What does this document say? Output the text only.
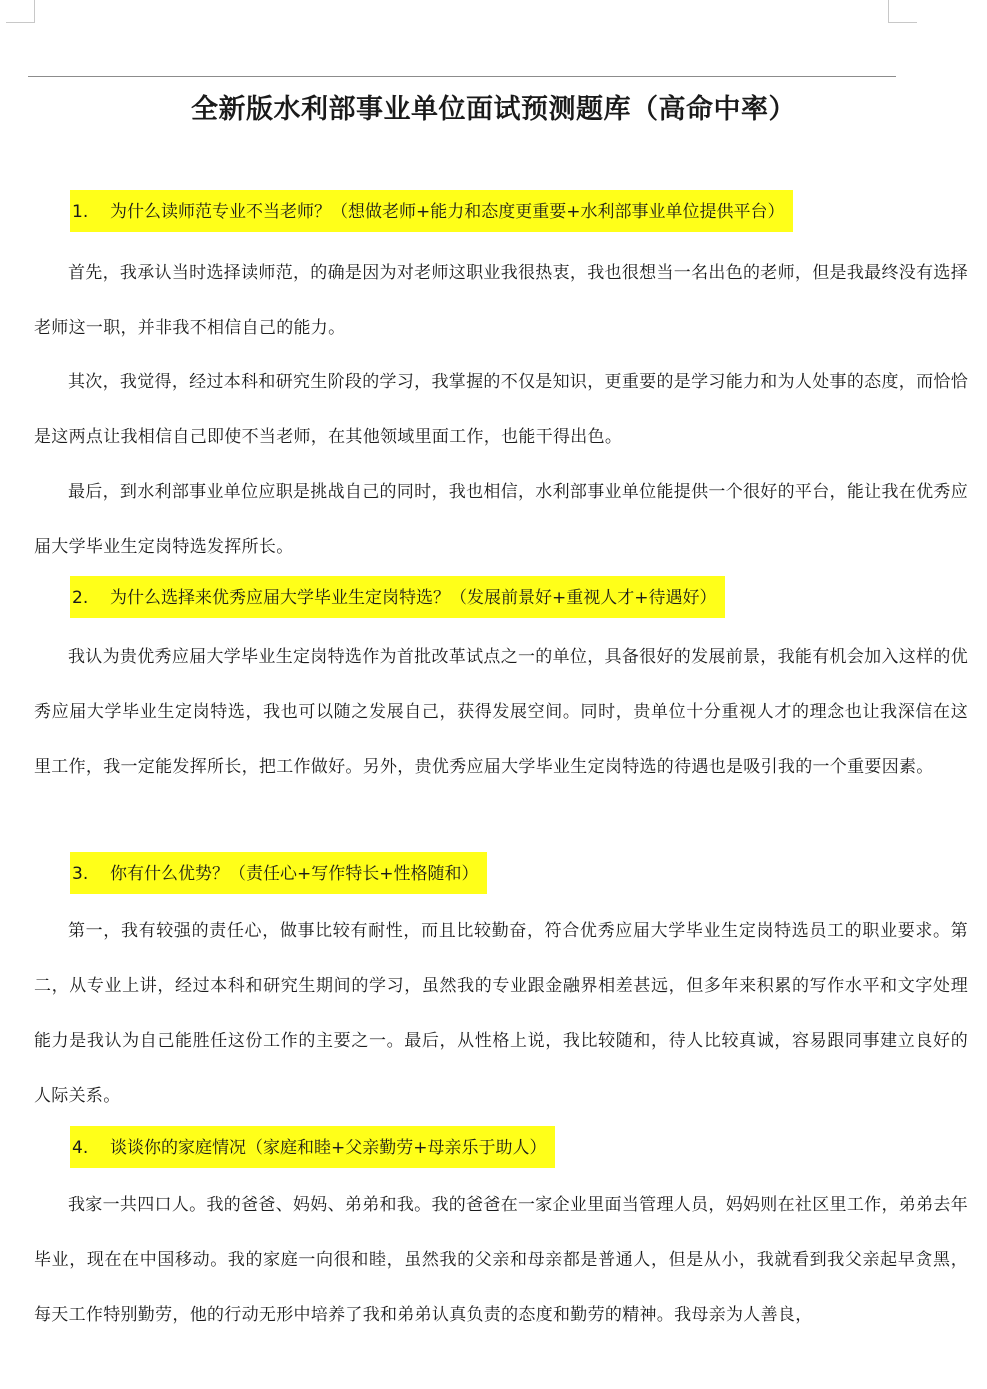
全新版水利部事业单位面试预测题库（高命中率）
1. 为什么读师范专业不当老师？（想做老师+能力和态度更重要+水利部事业单位提供平台）

首先，我承认当时选择读师范，的确是因为对老师这职业我很热衷，我也很想当一名出色的老师，但是我最终没有选择老师这一职，并非我不相信自己的能力。

其次，我觉得，经过本科和研究生阶段的学习，我掌握的不仅是知识，更重要的是学习能力和为人处事的态度，而恰恰是这两点让我相信自己即使不当老师，在其他领域里面工作，也能干得出色。

最后，到水利部事业单位应职是挑战自己的同时，我也相信，水利部事业单位能提供一个很好的平台，能让我在优秀应届大学毕业生定岗特选发挥所长。

2. 为什么选择来优秀应届大学毕业生定岗特选？（发展前景好+重视人才+待遇好）

我认为贵优秀应届大学毕业生定岗特选作为首批改革试点之一的单位，具备很好的发展前景，我能有机会加入这样的优秀应届大学毕业生定岗特选，我也可以随之发展自己，获得发展空间。同时，贵单位十分重视人才的理念也让我深信在这里工作，我一定能发挥所长，把工作做好。另外，贵优秀应届大学毕业生定岗特选的待遇也是吸引我的一个重要因素。

3. 你有什么优势？（责任心+写作特长+性格随和）

第一，我有较强的责任心，做事比较有耐性，而且比较勤奋，符合优秀应届大学毕业生定岗特选员工的职业要求。第二，从专业上讲，经过本科和研究生期间的学习，虽然我的专业跟金融界相差甚远，但多年来积累的写作水平和文字处理能力是我认为自己能胜任这份工作的主要之一。最后，从性格上说，我比较随和，待人比较真诚，容易跟同事建立良好的人际关系。

4. 谈谈你的家庭情况（家庭和睦+父亲勤劳+母亲乐于助人）

我家一共四口人。我的爸爸、妈妈、弟弟和我。我的爸爸在一家企业里面当管理人员，妈妈则在社区里工作，弟弟去年毕业，现在在中国移动。我的家庭一向很和睦，虽然我的父亲和母亲都是普通人，但是从小，我就看到我父亲起早贪黑，每天工作特别勤劳，他的行动无形中培养了我和弟弟认真负责的态度和勤劳的精神。我母亲为人善良，
